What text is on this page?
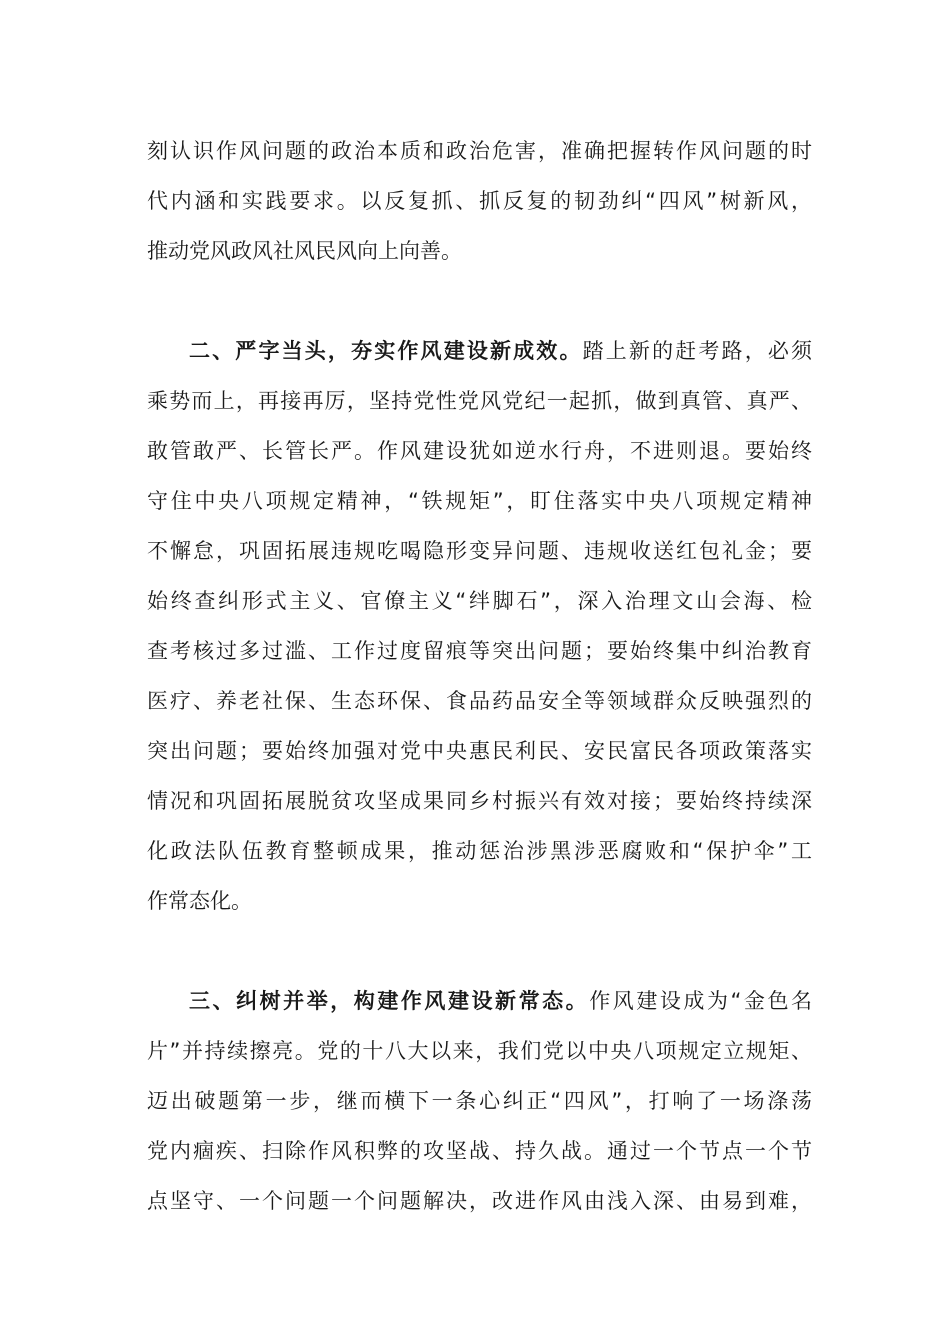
刻认识作风问题的政治本质和政治危害，准确把握转作风问题的时
代内涵和实践要求。以反复抓、抓反复的韧劲纠“四风”树新风，
推动党风政风社风民风向上向善。
二、严字当头，夯实作风建设新成效。踏上新的赶考路，必须
乘势而上，再接再厉，坚持党性党风党纪一起抓，做到真管、真严、
敢管敢严、长管长严。作风建设犹如逆水行舟，不进则退。要始终
守住中央八项规定精神，“铁规矩”，盯住落实中央八项规定精神
不懈怠，巩固拓展违规吃喝隐形变异问题、违规收送红包礼金；要
始终查纠形式主义、官僚主义“绊脚石”，深入治理文山会海、检
查考核过多过滥、工作过度留痕等突出问题；要始终集中纠治教育
医疗、养老社保、生态环保、食品药品安全等领域群众反映强烈的
突出问题；要始终加强对党中央惠民利民、安民富民各项政策落实
情况和巩固拓展脱贫攻坚成果同乡村振兴有效对接；要始终持续深
化政法队伍教育整顿成果，推动惩治涉黑涉恶腐败和“保护伞”工
作常态化。
三、纠树并举，构建作风建设新常态。作风建设成为“金色名
片”并持续擦亮。党的十八大以来，我们党以中央八项规定立规矩、
迈出破题第一步，继而横下一条心纠正“四风”，打响了一场涤荡
党内痼疾、扫除作风积弊的攻坚战、持久战。通过一个节点一个节
点坚守、一个问题一个问题解决，改进作风由浅入深、由易到难，
